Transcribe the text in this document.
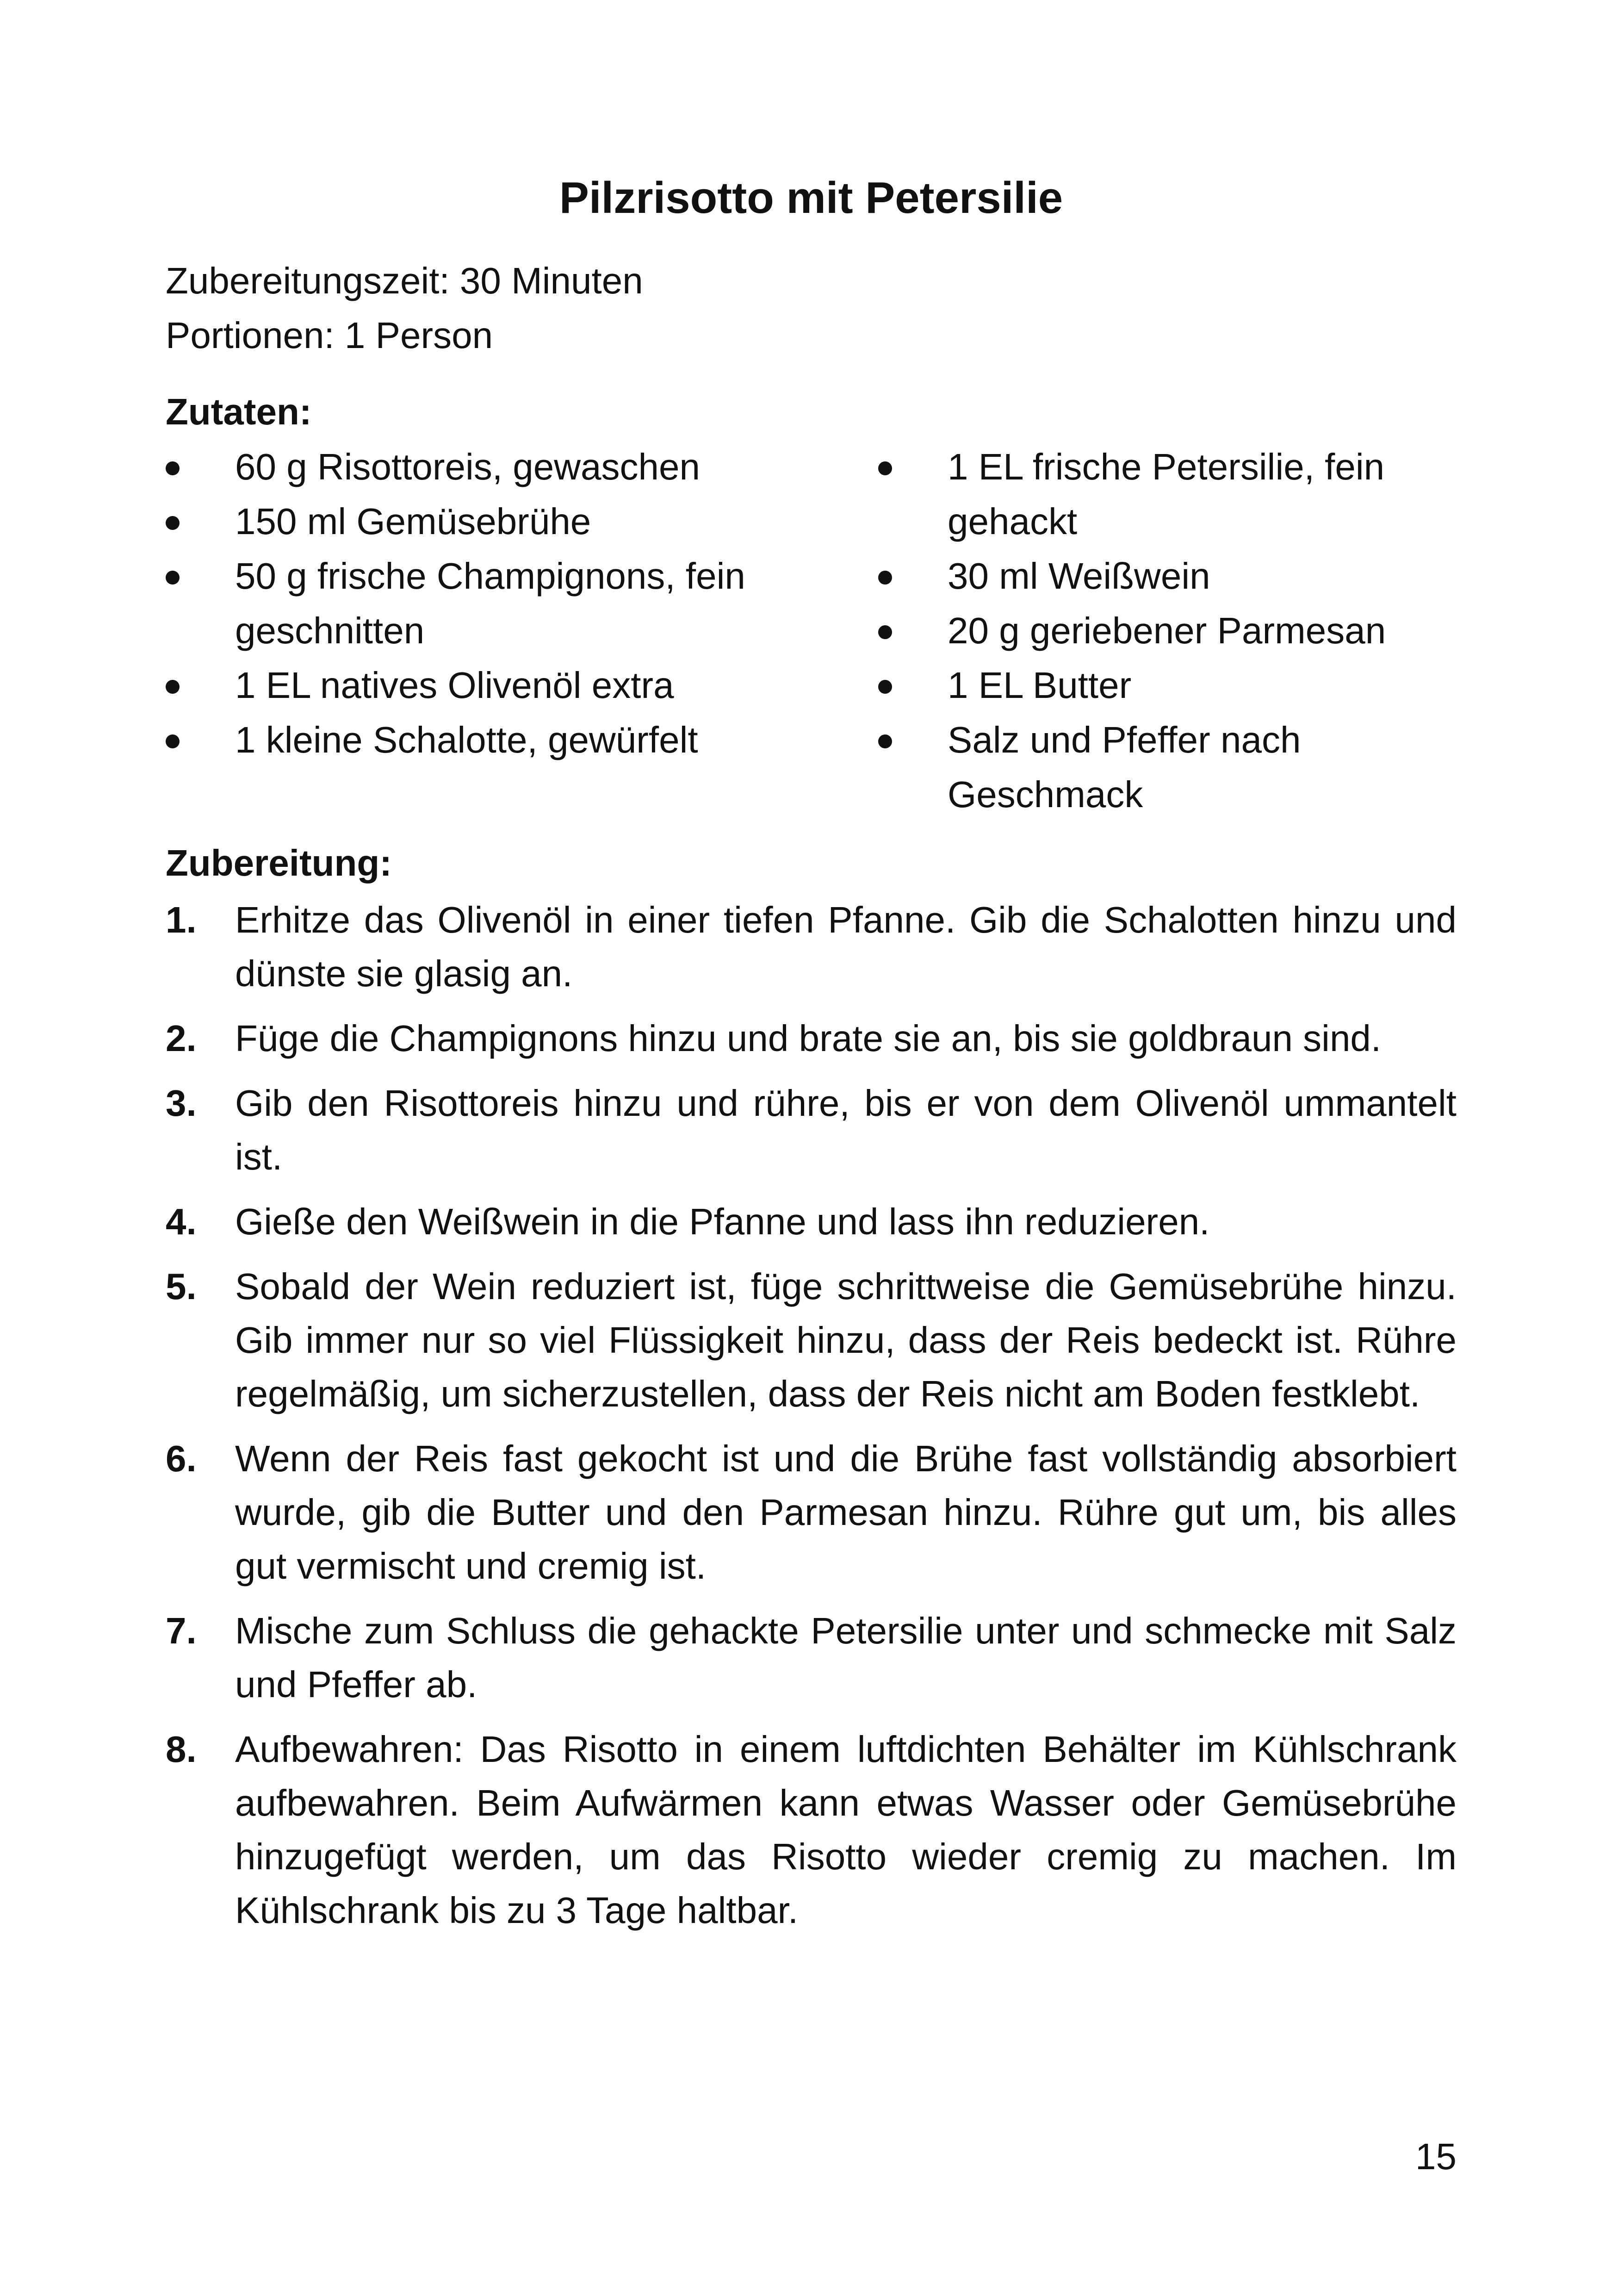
Pilzrisotto mit Petersilie
Zubereitungszeit: 30 Minuten
Portionen: 1 Person
Zutaten:
60 g Risottoreis, gewaschen
150 ml Gemüsebrühe
50 g frische Champignons, fein geschnitten
1 EL natives Olivenöl extra
1 kleine Schalotte, gewürfelt
1 EL frische Petersilie, fein gehackt
30 ml Weißwein
20 g geriebener Parmesan
1 EL Butter
Salz und Pfeffer nach Geschmack
Zubereitung:
1. Erhitze das Olivenöl in einer tiefen Pfanne. Gib die Schalotten hinzu und dünste sie glasig an.
2. Füge die Champignons hinzu und brate sie an, bis sie goldbraun sind.
3. Gib den Risottoreis hinzu und rühre, bis er von dem Olivenöl ummantelt ist.
4. Gieße den Weißwein in die Pfanne und lass ihn reduzieren.
5. Sobald der Wein reduziert ist, füge schrittweise die Gemüsebrühe hinzu. Gib immer nur so viel Flüssigkeit hinzu, dass der Reis bedeckt ist. Rühre regelmäßig, um sicherzustellen, dass der Reis nicht am Boden festklebt.
6. Wenn der Reis fast gekocht ist und die Brühe fast vollständig absorbiert wurde, gib die Butter und den Parmesan hinzu. Rühre gut um, bis alles gut vermischt und cremig ist.
7. Mische zum Schluss die gehackte Petersilie unter und schmecke mit Salz und Pfeffer ab.
8. Aufbewahren: Das Risotto in einem luftdichten Behälter im Kühlschrank aufbewahren. Beim Aufwärmen kann etwas Wasser oder Gemüsebrühe hinzugefügt werden, um das Risotto wieder cremig zu machen. Im Kühlschrank bis zu 3 Tage haltbar.
15
